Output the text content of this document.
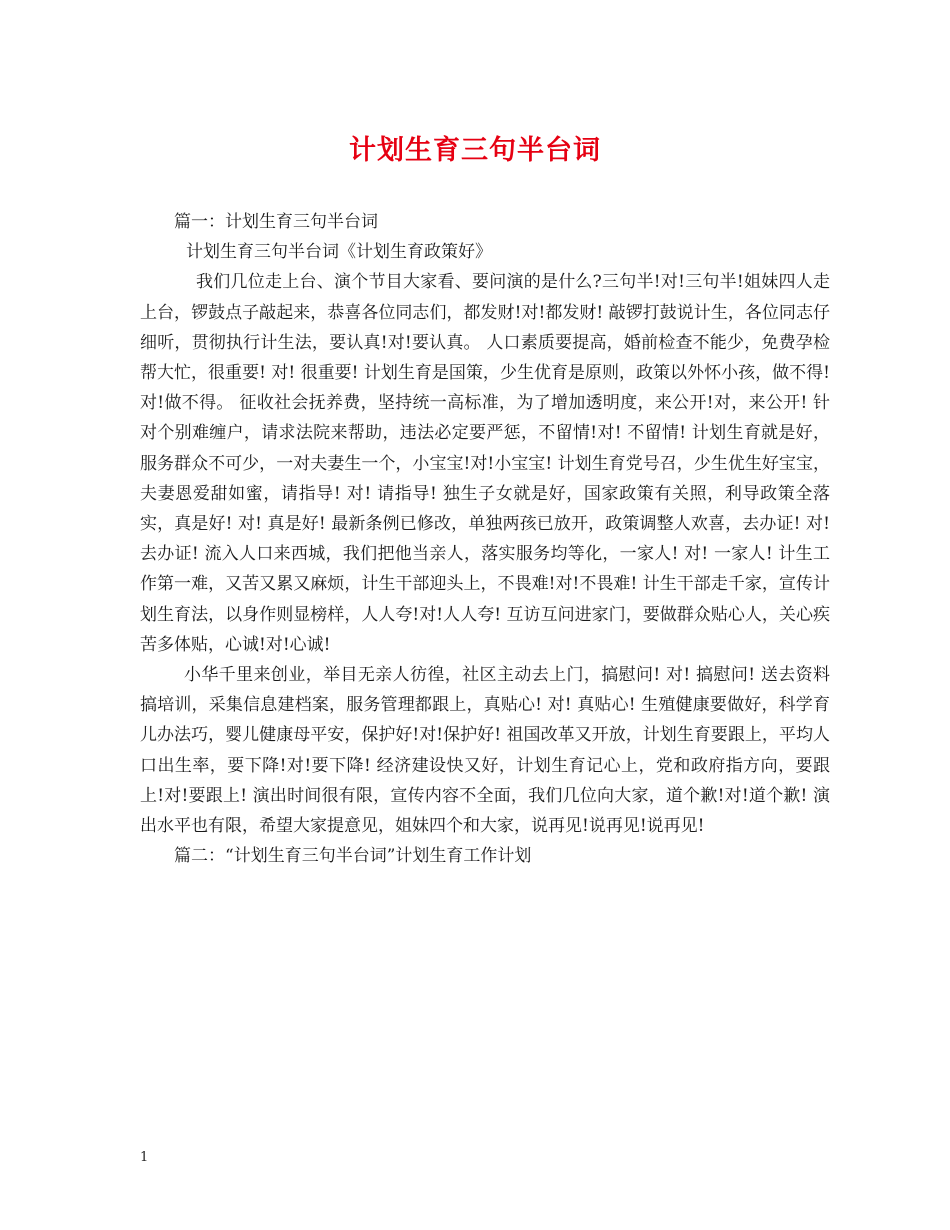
计划生育三句半台词

篇一：计划生育三句半台词

计划生育三句半台词《计划生育政策好》

我们几位走上台、演个节目大家看、要问演的是什么?三句半!对!三句半!姐妹四人走上台，锣鼓点子敲起来，恭喜各位同志们，都发财!对!都发财! 敲锣打鼓说计生，各位同志仔细听，贯彻执行计生法，要认真!对!要认真。 人口素质要提高，婚前检查不能少，免费孕检帮大忙，很重要! 对! 很重要! 计划生育是国策，少生优育是原则，政策以外怀小孩，做不得!对!做不得。 征收社会抚养费，坚持统一高标准，为了增加透明度，来公开!对，来公开! 针对个别难缠户，请求法院来帮助，违法必定要严惩，不留情!对! 不留情! 计划生育就是好，服务群众不可少，一对夫妻生一个，小宝宝!对!小宝宝! 计划生育党号召，少生优生好宝宝，夫妻恩爱甜如蜜，请指导! 对! 请指导! 独生子女就是好，国家政策有关照，利导政策全落实，真是好! 对! 真是好! 最新条例已修改，单独两孩已放开，政策调整人欢喜，去办证! 对! 去办证! 流入人口来西城，我们把他当亲人，落实服务均等化，一家人! 对! 一家人! 计生工作第一难，又苦又累又麻烦，计生干部迎头上，不畏难!对!不畏难! 计生干部走千家，宣传计划生育法，以身作则显榜样，人人夸!对!人人夸! 互访互问进家门，要做群众贴心人，关心疾苦多体贴，心诚!对!心诚!

小华千里来创业，举目无亲人彷徨，社区主动去上门，搞慰问! 对! 搞慰问! 送去资料搞培训，采集信息建档案，服务管理都跟上，真贴心! 对! 真贴心! 生殖健康要做好，科学育儿办法巧，婴儿健康母平安，保护好!对!保护好! 祖国改革又开放，计划生育要跟上，平均人口出生率，要下降!对!要下降! 经济建设快又好，计划生育记心上，党和政府指方向，要跟上!对!要跟上! 演出时间很有限，宣传内容不全面，我们几位向大家，道个歉!对!道个歉! 演出水平也有限，希望大家提意见，姐妹四个和大家，说再见!说再见!说再见!

篇二：“计划生育三句半台词”计划生育工作计划

1
